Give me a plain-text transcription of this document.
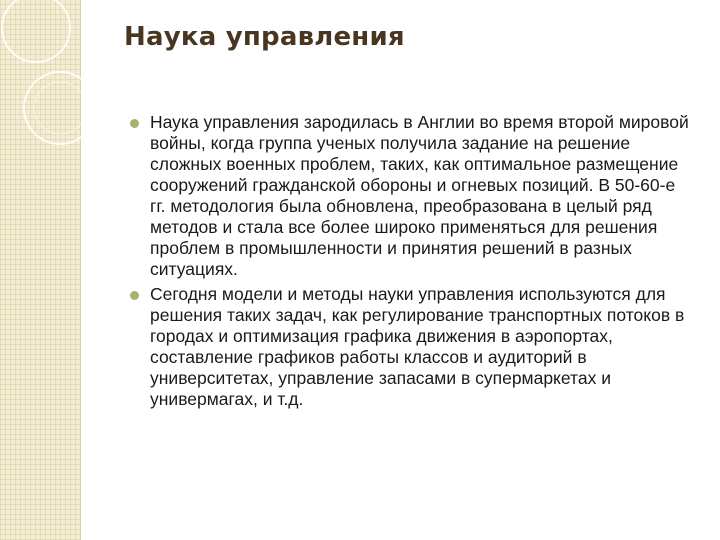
Наука управления
Наука управления зародилась в Англии во время второй мировой войны, когда группа ученых получила задание на решение сложных военных проблем, таких, как оптимальное размещение сооружений гражданской обороны и огневых позиций. В 50-60-е гг. методология была обновлена, преобразована в целый ряд методов и стала все более широко применяться для решения проблем в промышленности и принятия решений в разных ситуациях.
Сегодня модели и методы науки управления используются для решения таких задач, как регулирование транспортных потоков в городах и оптимизация графика движения в аэропортах, составление графиков работы классов и аудиторий в университетах, управление запасами в супермаркетах и универмагах, и т.д.
